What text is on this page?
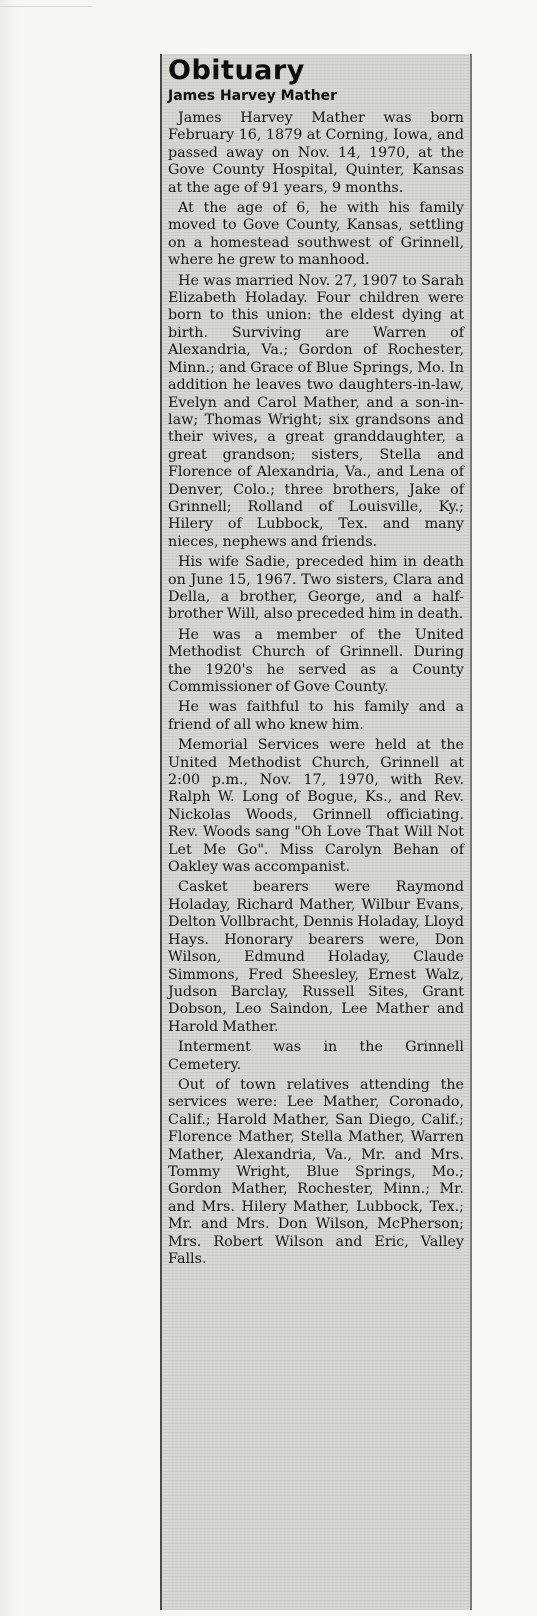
Obituary
James Harvey Mather

James Harvey Mather was born February 16, 1879 at Corning, Iowa, and passed away on Nov. 14, 1970, at the Gove County Hospital, Quinter, Kansas at the age of 91 years, 9 months.

At the age of 6, he with his family moved to Gove County, Kansas, settling on a homestead southwest of Grinnell, where he grew to manhood.

He was married Nov. 27, 1907 to Sarah Elizabeth Holaday. Four children were born to this union: the eldest dying at birth. Surviving are Warren of Alexandria, Va.; Gordon of Rochester, Minn.; and Grace of Blue Springs, Mo. In addition he leaves two daughters-in-law, Evelyn and Carol Mather, and a son-in-law; Thomas Wright; six grandsons and their wives, a great granddaughter, a great grandson; sisters, Stella and Florence of Alexandria, Va., and Lena of Denver, Colo.; three brothers, Jake of Grinnell; Rolland of Louisville, Ky.; Hilery of Lubbock, Tex. and many nieces, nephews and friends.

His wife Sadie, preceded him in death on June 15, 1967. Two sisters, Clara and Della, a brother, George, and a half-brother Will, also preceded him in death.

He was a member of the United Methodist Church of Grinnell. During the 1920's he served as a County Commissioner of Gove County.

He was faithful to his family and a friend of all who knew him.

Memorial Services were held at the United Methodist Church, Grinnell at 2:00 p.m., Nov. 17, 1970, with Rev. Ralph W. Long of Bogue, Ks., and Rev. Nickolas Woods, Grinnell officiating. Rev. Woods sang "Oh Love That Will Not Let Me Go". Miss Carolyn Behan of Oakley was accompanist.

Casket bearers were Raymond Holaday, Richard Mather, Wilbur Evans, Delton Vollbracht, Dennis Holaday, Lloyd Hays. Honorary bearers were, Don Wilson, Edmund Holaday, Claude Simmons, Fred Sheesley, Ernest Walz, Judson Barclay, Russell Sites, Grant Dobson, Leo Saindon, Lee Mather and Harold Mather.

Interment was in the Grinnell Cemetery.

Out of town relatives attending the services were: Lee Mather, Coronado, Calif.; Harold Mather, San Diego, Calif.; Florence Mather, Stella Mather, Warren Mather, Alexandria, Va., Mr. and Mrs. Tommy Wright, Blue Springs, Mo.; Gordon Mather, Rochester, Minn.; Mr. and Mrs. Hilery Mather, Lubbock, Tex.; Mr. and Mrs. Don Wilson, McPherson; Mrs. Robert Wilson and Eric, Valley Falls.
